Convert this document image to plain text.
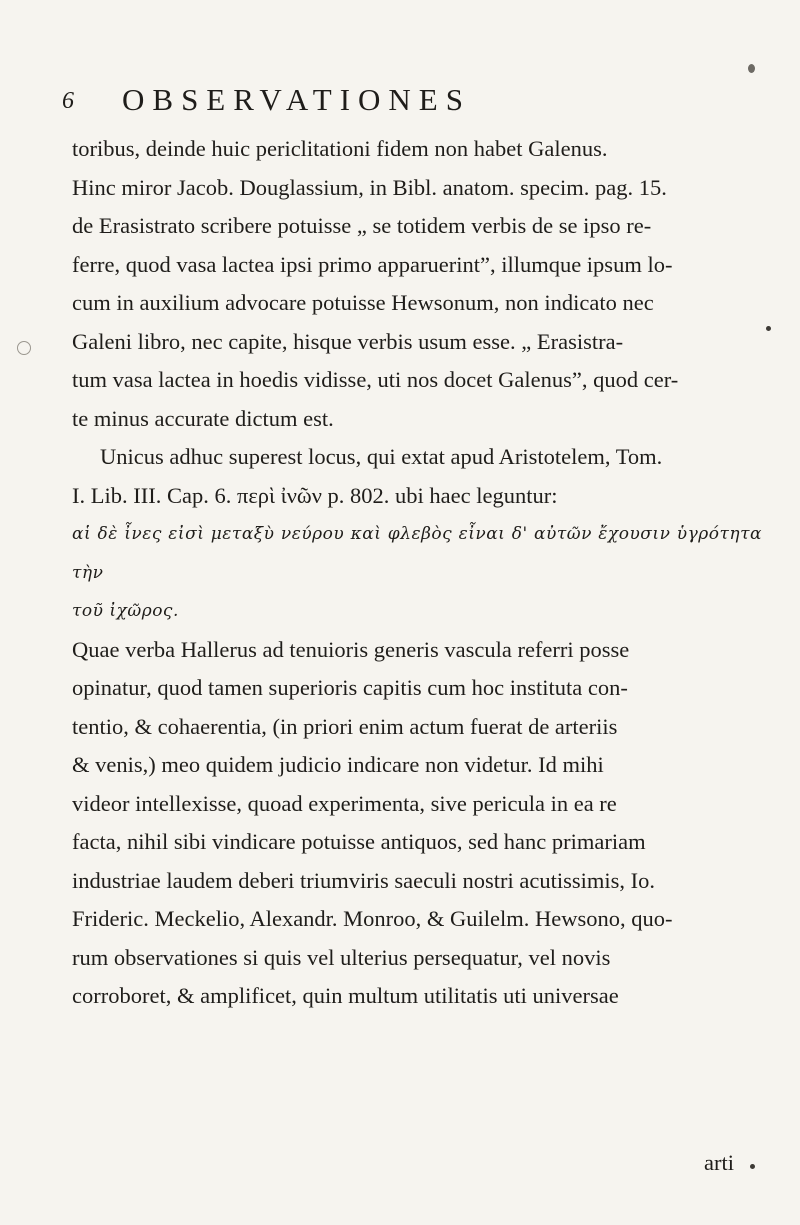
6 OBSERVATIONES

toribus, deinde huic periclitationi fidem non habet Galenus.

Hinc miror Jacob. Douglassium, in Bibl. anatom. specim. pag. 15.

de Erasistrato scribere potuisse „ se totidem verbis de se ipso re-

ferre, quod vasa lactea ipsi primo apparuerint”, illumque ipsum lo-

cum in auxilium advocare potuisse Hewsonum, non indicato nec

Galeni libro, nec capite, hisque verbis usum esse. „ Erasistra-

tum vasa lactea in hoedis vidisse, uti nos docet Galenus”, quod cer-

te minus accurate dictum est.

Unicus adhuc superest locus, qui extat apud Aristotelem, Tom.

I. Lib. III. Cap. 6. περὶ ἰνῶν p. 802. ubi haec leguntur:

αἱ δὲ ἶνες εἰσὶ μεταξὺ νεύρου καὶ φλεβὸς εἶναι δ' αὐτῶν ἔχουσιν ὑγρότητα τὴν

τοῦ ἰχῶρος.

Quae verba Hallerus ad tenuioris generis vascula referri posse

opinatur, quod tamen superioris capitis cum hoc instituta con-

tentio, & cohaerentia, (in priori enim actum fuerat de arteriis

& venis,) meo quidem judicio indicare non videtur. Id mihi

videor intellexisse, quoad experimenta, sive pericula in ea re

facta, nihil sibi vindicare potuisse antiquos, sed hanc primariam

industriae laudem deberi triumviris saeculi nostri acutissimis, Io.

Frideric. Meckelio, Alexandr. Monroo, & Guilelm. Hewsono, quo-

rum observationes si quis vel ulterius persequatur, vel novis

corroboret, & amplificet, quin multum utilitatis uti universae

arti
